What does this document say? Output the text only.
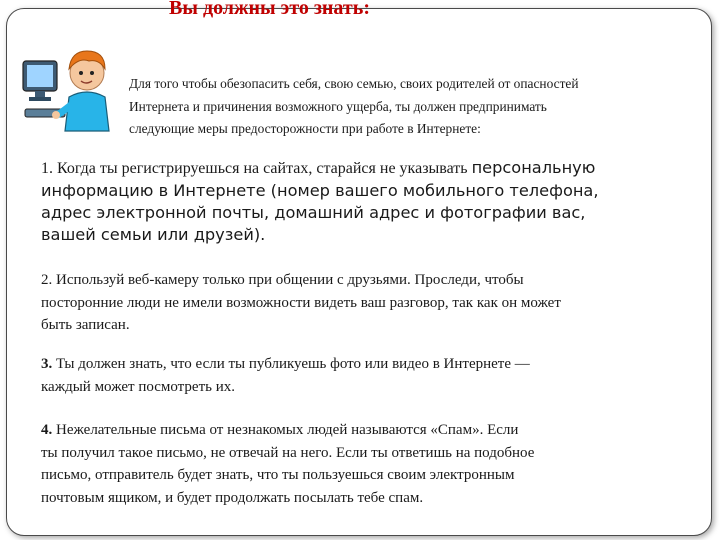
Вы должны это знать:

Для того чтобы обезопасить себя, свою семью, своих родителей от опасностей
Интернета и причинения возможного ущерба, ты должен предпринимать
следующие меры предосторожности при работе в Интернете:

1. Когда ты регистрируешься на сайтах, старайся не указывать персональную
информацию в Интернете (номер вашего мобильного телефона,
адрес электронной почты, домашний адрес и фотографии вас,
вашей семьи или друзей).

2. Используй веб-камеру только при общении с друзьями. Проследи, чтобы
посторонние люди не имели возможности видеть ваш разговор, так как он может
быть записан.

3. Ты должен знать, что если ты публикуешь фото или видео в Интернете —
каждый может посмотреть их.

4. Нежелательные письма от незнакомых людей называются «Спам». Если
ты получил такое письмо, не отвечай на него. Если ты ответишь на подобное
письмо, отправитель будет знать, что ты пользуешься своим электронным
почтовым ящиком, и будет продолжать посылать тебе спам.
